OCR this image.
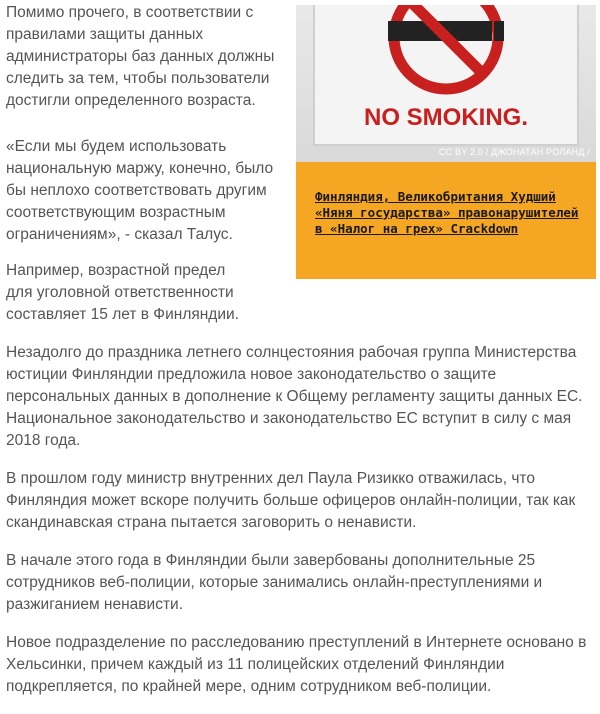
Помимо прочего, в соответствии с правилами защиты данных администраторы баз данных должны следить за тем, чтобы пользователи достигли определенного возраста.

«Если мы будем использовать национальную маржу, конечно, было бы неплохо соответствовать другим соответствующим возрастным ограничениям», - сказал Талус.

Например, возрастной предел для уголовной ответственности составляет 15 лет в Финляндии.

Незадолго до праздника летнего солнцестояния рабочая группа Министерства юстиции Финляндии предложила новое законодательство о защите персональных данных в дополнение к Общему регламенту защиты данных ЕС. Национальное законодательство и законодательство ЕС вступит в силу с мая 2018 года.

В прошлом году министр внутренних дел Паула Ризикко отважилась, что Финляндия может вскоре получить больше офицеров онлайн-полиции, так как скандинавская страна пытается заговорить о ненависти.

В начале этого года в Финляндии были завербованы дополнительные 25 сотрудников веб-полиции, которые занимались онлайн-преступлениями и разжиганием ненависти.

Новое подразделение по расследованию преступлений в Интернете основано в Хельсинки, причем каждый из 11 полицейских отделений Финляндии подкрепляется, по крайней мере, одним сотрудником веб-полиции.

NO SMOKING.
CC BY 2.0 / ДЖОНАТАН РОЛАНД /
Финляндия, Великобритания Худший «Няня государства» правонарушителей в «Налог на грех» Crackdown
